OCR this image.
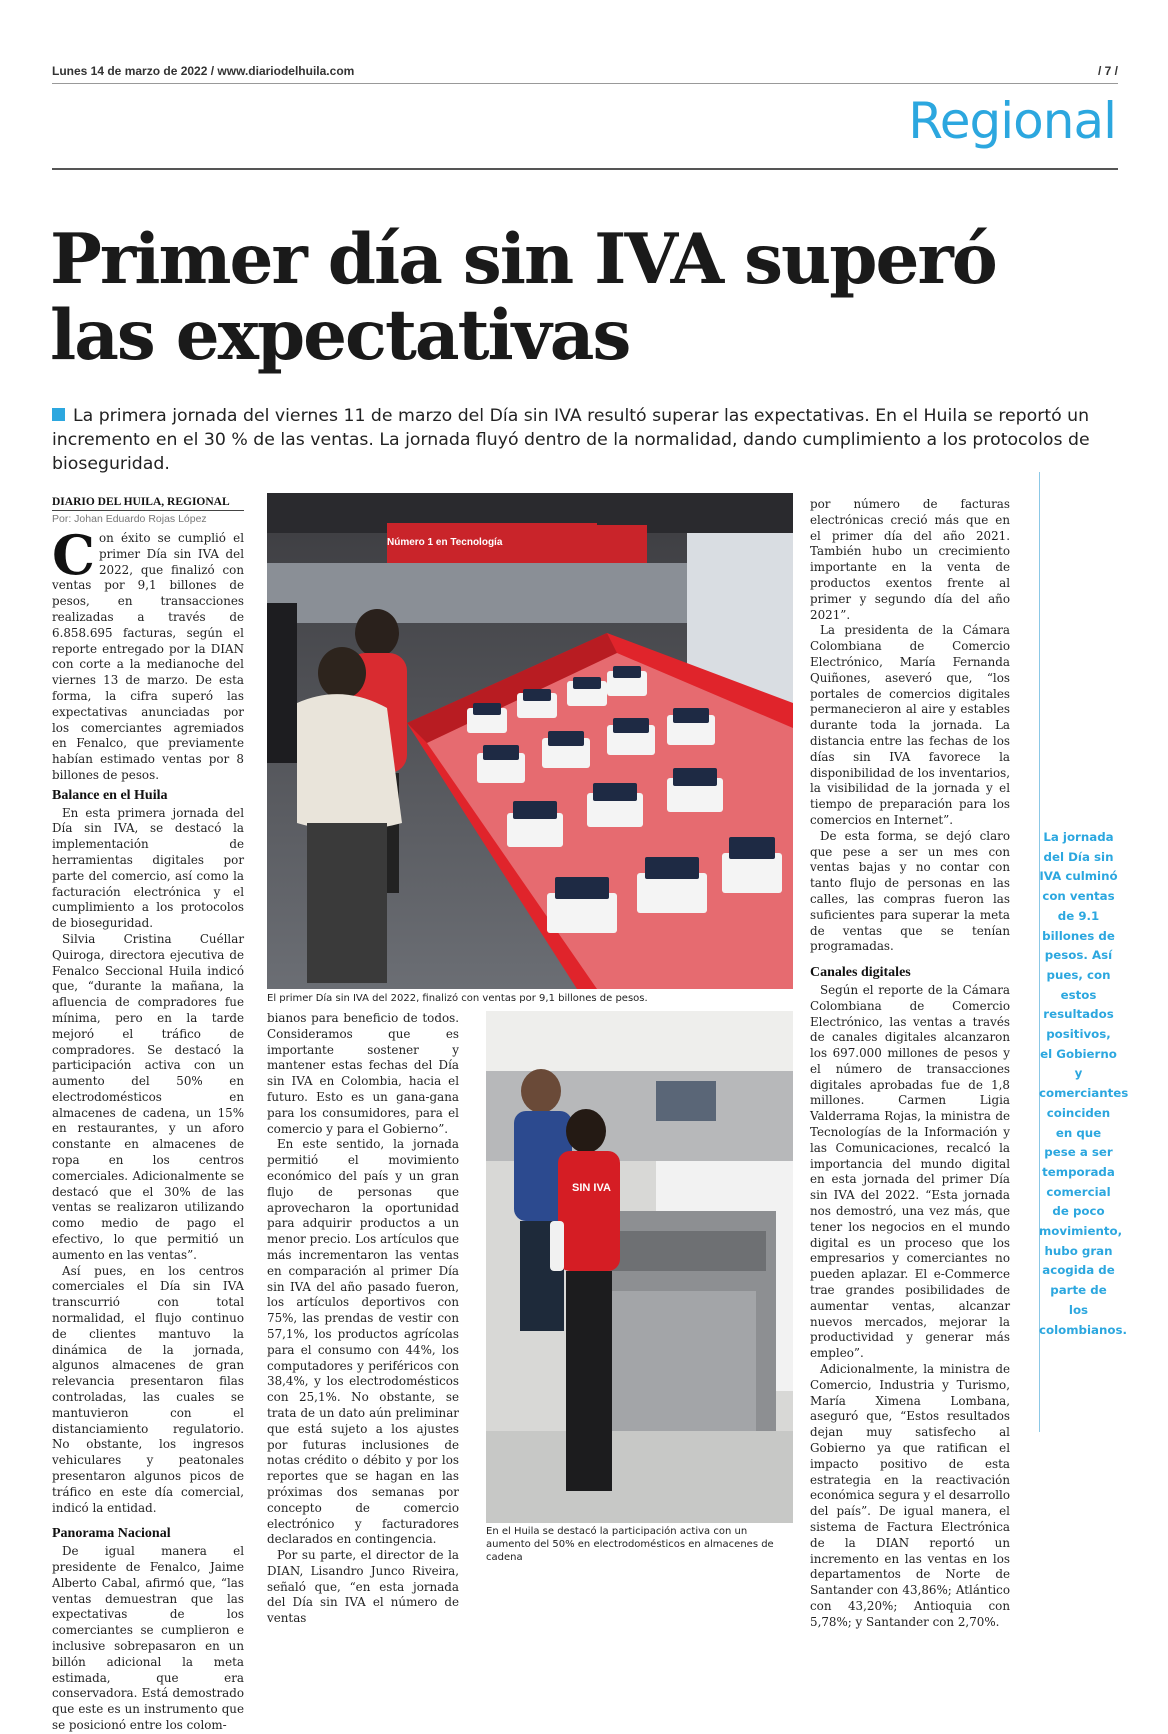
Lunes 14 de marzo de 2022 / www.diariodelhuila.com	/ 7 /
Regional
Primer día sin IVA superó
las expectativas
La primera jornada del viernes 11 de marzo del Día sin IVA resultó superar las expectativas. En el Huila se reportó un incremento en el 30 % de las ventas. La jornada fluyó dentro de la normalidad, dando cumplimiento a los protocolos de bioseguridad.
DIARIO DEL HUILA, REGIONAL
Por: Johan Eduardo Rojas López

Con éxito se cumplió el primer Día sin IVA del 2022, que finalizó con ventas por 9,1 billones de pesos, en transacciones realizadas a través de 6.858.695 facturas, según el reporte entregado por la DIAN con corte a la medianoche del viernes 13 de marzo. De esta forma, la cifra superó las expectativas anunciadas por los comerciantes agremiados en Fenalco, que previamente habían estimado ventas por 8 billones de pesos.

Balance en el Huila

En esta primera jornada del Día sin IVA, se destacó la implementación de herramientas digitales por parte del comercio, así como la facturación electrónica y el cumplimiento a los protocolos de bioseguridad.

Silvia Cristina Cuéllar Quiroga, directora ejecutiva de Fenalco Seccional Huila indicó que, “durante la mañana, la afluencia de compradores fue mínima, pero en la tarde mejoró el tráfico de compradores. Se destacó la participación activa con un aumento del 50% en electrodomésticos en almacenes de cadena, un 15% en restaurantes, y un aforo constante en almacenes de ropa en los centros comerciales. Adicionalmente se destacó que el 30% de las ventas se realizaron utilizando como medio de pago el efectivo, lo que permitió un aumento en las ventas”.

Así pues, en los centros comerciales el Día sin IVA transcurrió con total normalidad, el flujo continuo de clientes mantuvo la dinámica de la jornada, algunos almacenes de gran relevancia presentaron filas controladas, las cuales se mantuvieron con el distanciamiento regulatorio. No obstante, los ingresos vehiculares y peatonales presentaron algunos picos de tráfico en este día comercial, indicó la entidad.

Panorama Nacional

De igual manera el presidente de Fenalco, Jaime Alberto Cabal, afirmó que, “las ventas demuestran que las expectativas de los comerciantes se cumplieron e inclusive sobrepasaron en un billón adicional la meta estimada, que era conservadora. Está demostrado que este es un instrumento que se posicionó entre los colom-

Número 1 en Tecnología
El primer Día sin IVA del 2022, finalizó con ventas por 9,1 billones de pesos.

bianos para beneficio de todos. Consideramos que es importante sostener y mantener estas fechas del Día sin IVA en Colombia, hacia el futuro. Esto es un gana-gana para los consumidores, para el comercio y para el Gobierno”.

En este sentido, la jornada permitió el movimiento económico del país y un gran flujo de personas que aprovecharon la oportunidad para adquirir productos a un menor precio. Los artículos que más incrementaron las ventas en comparación al primer Día sin IVA del año pasado fueron, los artículos deportivos con 75%, las prendas de vestir con 57,1%, los productos agrícolas para el consumo con 44%, los computadores y periféricos con 38,4%, y los electrodomésticos con 25,1%. No obstante, se trata de un dato aún preliminar que está sujeto a los ajustes por futuras inclusiones de notas crédito o débito y por los reportes que se hagan en las próximas dos semanas por concepto de comercio electrónico y facturadores declarados en contingencia.

Por su parte, el director de la DIAN, Lisandro Junco Riveira, señaló que, “en esta jornada del Día sin IVA el número de ventas

SIN IVA
En el Huila se destacó la participación activa con un aumento del 50% en electrodomésticos en almacenes de cadena

por número de facturas electrónicas creció más que en el primer día del año 2021. También hubo un crecimiento importante en la venta de productos exentos frente al primer y segundo día del año 2021”.

La presidenta de la Cámara Colombiana de Comercio Electrónico, María Fernanda Quiñones, aseveró que, “los portales de comercios digitales permanecieron al aire y estables durante toda la jornada. La distancia entre las fechas de los días sin IVA favorece la disponibilidad de los inventarios, la visibilidad de la jornada y el tiempo de preparación para los comercios en Internet”.

De esta forma, se dejó claro que pese a ser un mes con ventas bajas y no contar con tanto flujo de personas en las calles, las compras fueron las suficientes para superar la meta de ventas que se tenían programadas.

Canales digitales

Según el reporte de la Cámara Colombiana de Comercio Electrónico, las ventas a través de canales digitales alcanzaron los 697.000 millones de pesos y el número de transacciones digitales aprobadas fue de 1,8 millones. Carmen Ligia Valderrama Rojas, la ministra de Tecnologías de la Información y las Comunicaciones, recalcó la importancia del mundo digital en esta jornada del primer Día sin IVA del 2022. “Esta jornada nos demostró, una vez más, que tener los negocios en el mundo digital es un proceso que los empresarios y comerciantes no pueden aplazar. El e-Commerce trae grandes posibilidades de aumentar ventas, alcanzar nuevos mercados, mejorar la productividad y generar más empleo”.

Adicionalmente, la ministra de Comercio, Industria y Turismo, María Ximena Lombana, aseguró que, “Estos resultados dejan muy satisfecho al Gobierno ya que ratifican el impacto positivo de esta estrategia en la reactivación económica segura y el desarrollo del país”. De igual manera, el sistema de Factura Electrónica de la DIAN reportó un incremento en las ventas en los departamentos de Norte de Santander con 43,86%; Atlántico con 43,20%; Antioquia con 5,78%; y Santander con 2,70%.

La jornada del Día sin IVA culminó con ventas de 9.1 billones de pesos. Así pues, con estos resultados positivos, el Gobierno y comerciantes coinciden en que pese a ser temporada comercial de poco movimiento, hubo gran acogida de parte de los colombianos.
